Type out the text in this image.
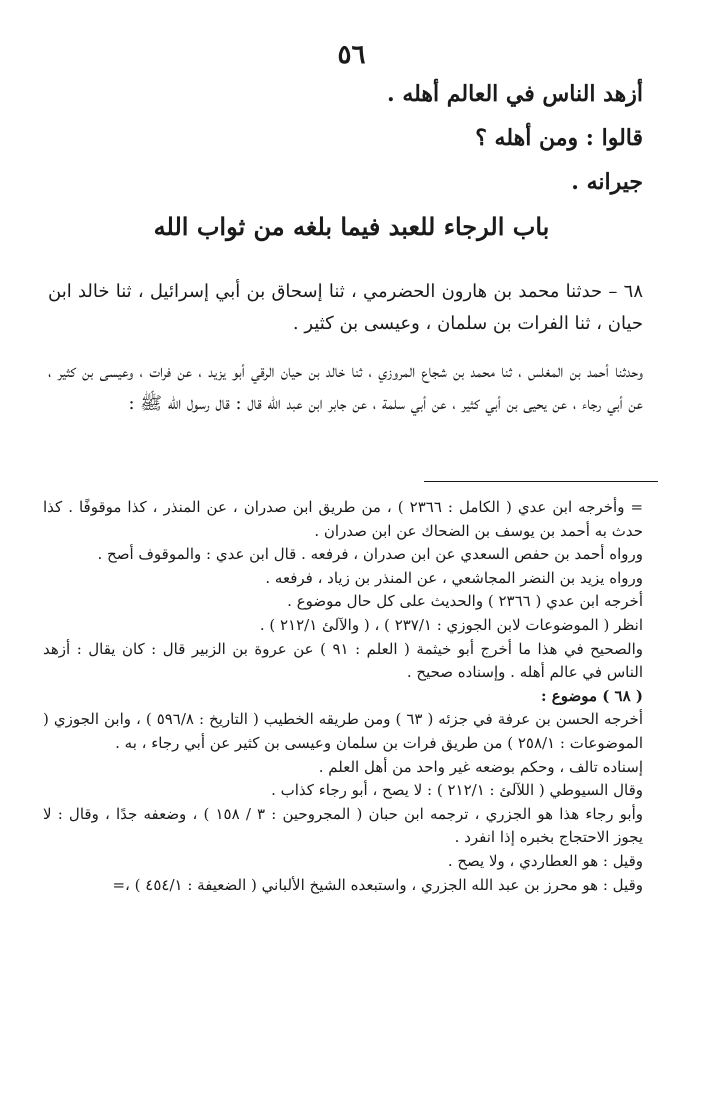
٥٦

أزهد الناس في العالم أهله .

قالوا : ومن أهله ؟

جيرانه .

باب الرجاء للعبد فيما بلغه من ثواب الله

٦٨ – حدثنا محمد بن هارون الحضرمي ، ثنا إسحاق بن أبي إسرائيل ، ثنا خالد ابن حيان ، ثنا الفرات بن سلمان ، وعيسى بن كثير .

وحدثنا أحمد بن المغلس ، ثنا محمد بن شجاع المروزي ، ثنا خالد بن حيان الرقي أبو يزيد ، عن فرات ، وعيسى بن كثير ، عن أبي رجاء ، عن يحيى بن أبي كثير ، عن أبي سلمة ، عن جابر ابن عبد الله قال : قال رسول الله ﷺ :

= وأخرجه ابن عدي ( الكامل : ٢٣٦٦ ) ، من طريق ابن صدران ، عن المنذر ، كذا موقوفًا . كذا حدث به أحمد بن يوسف بن الضحاك عن ابن صدران .

ورواه أحمد بن حفص السعدي عن ابن صدران ، فرفعه . قال ابن عدي : والموقوف أصح .

ورواه يزيد بن النضر المجاشعي ، عن المنذر بن زياد ، فرفعه .

أخرجه ابن عدي ( ٢٣٦٦ ) والحديث على كل حال موضوع .

انظر ( الموضوعات لابن الجوزي : ٢٣٧/١ ) ، ( والآلئ ٢١٢/١ ) .

والصحيح في هذا ما أخرج أبو خيثمة ( العلم : ٩١ ) عن عروة بن الزبير قال : كان يقال : أزهد الناس في عالم أهله . وإسناده صحيح .

( ٦٨ ) موضوع :

أخرجه الحسن بن عرفة في جزئه ( ٦٣ ) ومن طريقه الخطيب ( التاريخ : ٥٩٦/٨ ) ، وابن الجوزي ( الموضوعات : ٢٥٨/١ ) من طريق فرات بن سلمان وعيسى بن كثير عن أبي رجاء ، به .

إسناده تالف ، وحكم بوضعه غير واحد من أهل العلم .

وقال السيوطي ( اللآلئ : ٢١٢/١ ) : لا يصح ، أبو رجاء كذاب .

وأبو رجاء هذا هو الجزري ، ترجمه ابن حبان ( المجروحين : ٣ / ١٥٨ ) ، وضعفه جدًا ، وقال : لا يجوز الاحتجاج بخبره إذا انفرد .

وقيل : هو العطاردي ، ولا يصح .

وقيل : هو محرز بن عبد الله الجزري ، واستبعده الشيخ الألباني ( الضعيفة : ٤٥٤/١ ) ،=
